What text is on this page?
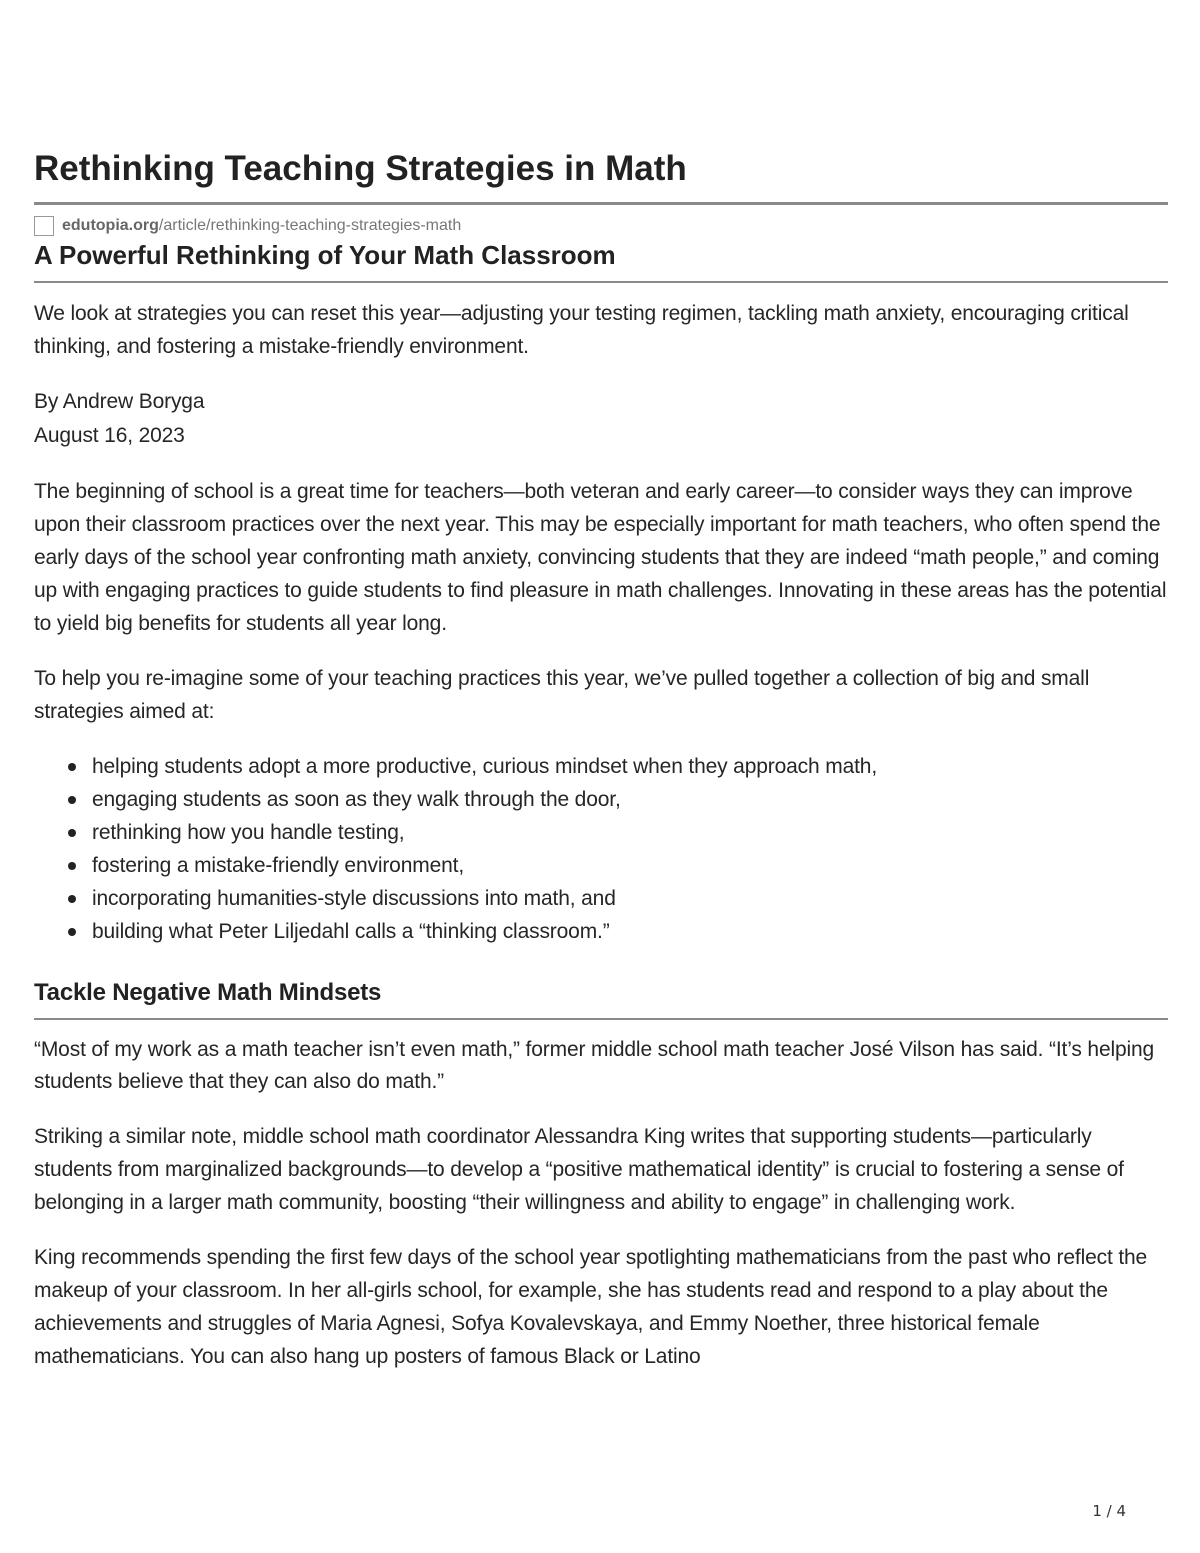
Rethinking Teaching Strategies in Math
edutopia.org /article/rethinking-teaching-strategies-math
A Powerful Rethinking of Your Math Classroom

We look at strategies you can reset this year—adjusting your testing regimen, tackling math anxiety, encouraging critical thinking, and fostering a mistake-friendly environment.

By Andrew Boryga

August 16, 2023

The beginning of school is a great time for teachers—both veteran and early career—to consider ways they can improve upon their classroom practices over the next year. This may be especially important for math teachers, who often spend the early days of the school year confronting math anxiety, convincing students that they are indeed “math people,” and coming up with engaging practices to guide students to find pleasure in math challenges. Innovating in these areas has the potential to yield big benefits for students all year long.

To help you re-imagine some of your teaching practices this year, we’ve pulled together a collection of big and small strategies aimed at:

helping students adopt a more productive, curious mindset when they approach math,
engaging students as soon as they walk through the door,
rethinking how you handle testing,
fostering a mistake-friendly environment,
incorporating humanities-style discussions into math, and
building what Peter Liljedahl calls a “thinking classroom.”
Tackle Negative Math Mindsets

“Most of my work as a math teacher isn’t even math,” former middle school math teacher José Vilson has said. “It’s helping students believe that they can also do math.”

Striking a similar note, middle school math coordinator Alessandra King writes that supporting students—particularly students from marginalized backgrounds—to develop a “positive mathematical identity” is crucial to fostering a sense of belonging in a larger math community, boosting “their willingness and ability to engage” in challenging work.

King recommends spending the first few days of the school year spotlighting mathematicians from the past who reflect the makeup of your classroom. In her all-girls school, for example, she has students read and respond to a play about the achievements and struggles of Maria Agnesi, Sofya Kovalevskaya, and Emmy Noether, three historical female mathematicians. You can also hang up posters of famous Black or Latino

1 / 4
